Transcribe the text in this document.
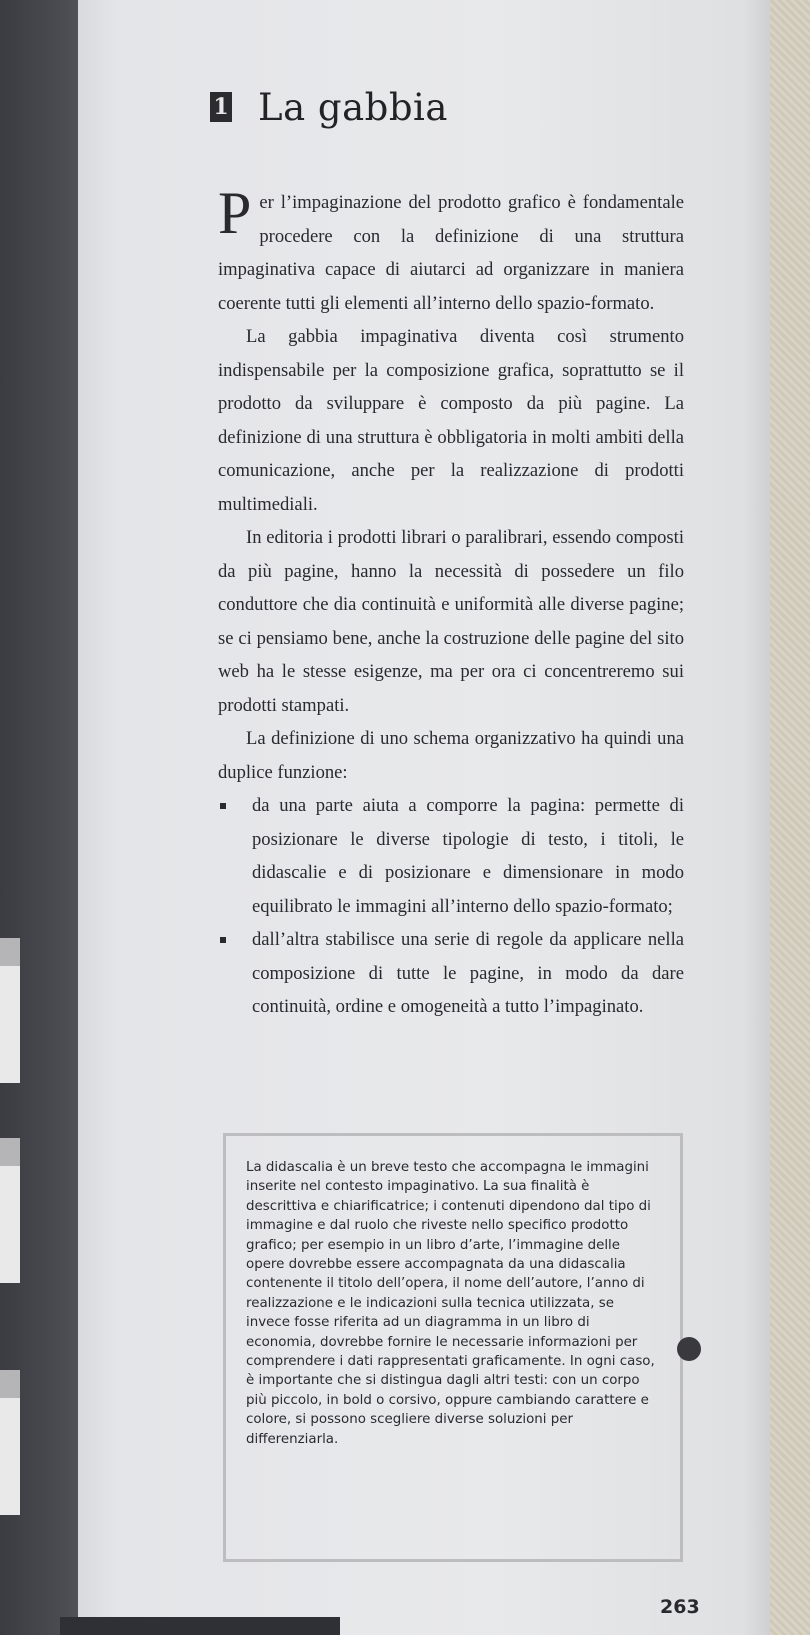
1 La gabbia

Per l’impaginazione del prodotto grafico è fondamentale procedere con la definizione di una struttura impaginativa capace di aiutarci ad organizzare in maniera coerente tutti gli elementi all’interno dello spazio-formato.

La gabbia impaginativa diventa così strumento indispensabile per la composizione grafica, soprattutto se il prodotto da sviluppare è composto da più pagine. La definizione di una struttura è obbligatoria in molti ambiti della comunicazione, anche per la realizzazione di prodotti multimediali.

In editoria i prodotti librari o paralibrari, essendo composti da più pagine, hanno la necessità di possedere un filo conduttore che dia continuità e uniformità alle diverse pagine; se ci pensiamo bene, anche la costruzione delle pagine del sito web ha le stesse esigenze, ma per ora ci concentreremo sui prodotti stampati.

La definizione di uno schema organizzativo ha quindi una duplice funzione:

da una parte aiuta a comporre la pagina: permette di posizionare le diverse tipologie di testo, i titoli, le didascalie e di posizionare e dimensionare in modo equilibrato le immagini all’interno dello spazio-formato;
dall’altra stabilisce una serie di regole da applicare nella composizione di tutte le pagine, in modo da dare continuità, ordine e omogeneità a tutto l’impaginato.

La didascalia è un breve testo che accompagna le immagini inserite nel contesto impaginativo. La sua finalità è descrittiva e chiarificatrice; i contenuti dipendono dal tipo di immagine e dal ruolo che riveste nello specifico prodotto grafico; per esempio in un libro d’arte, l’immagine delle opere dovrebbe essere accompagnata da una didascalia contenente il titolo dell’opera, il nome dell’autore, l’anno di realizzazione e le indicazioni sulla tecnica utilizzata, se invece fosse riferita ad un diagramma in un libro di economia, dovrebbe fornire le necessarie informazioni per comprendere i dati rappresentati graficamente. In ogni caso, è importante che si distingua dagli altri testi: con un corpo più piccolo, in bold o corsivo, oppure cambiando carattere e colore, si possono scegliere diverse soluzioni per differenziarla.

263
